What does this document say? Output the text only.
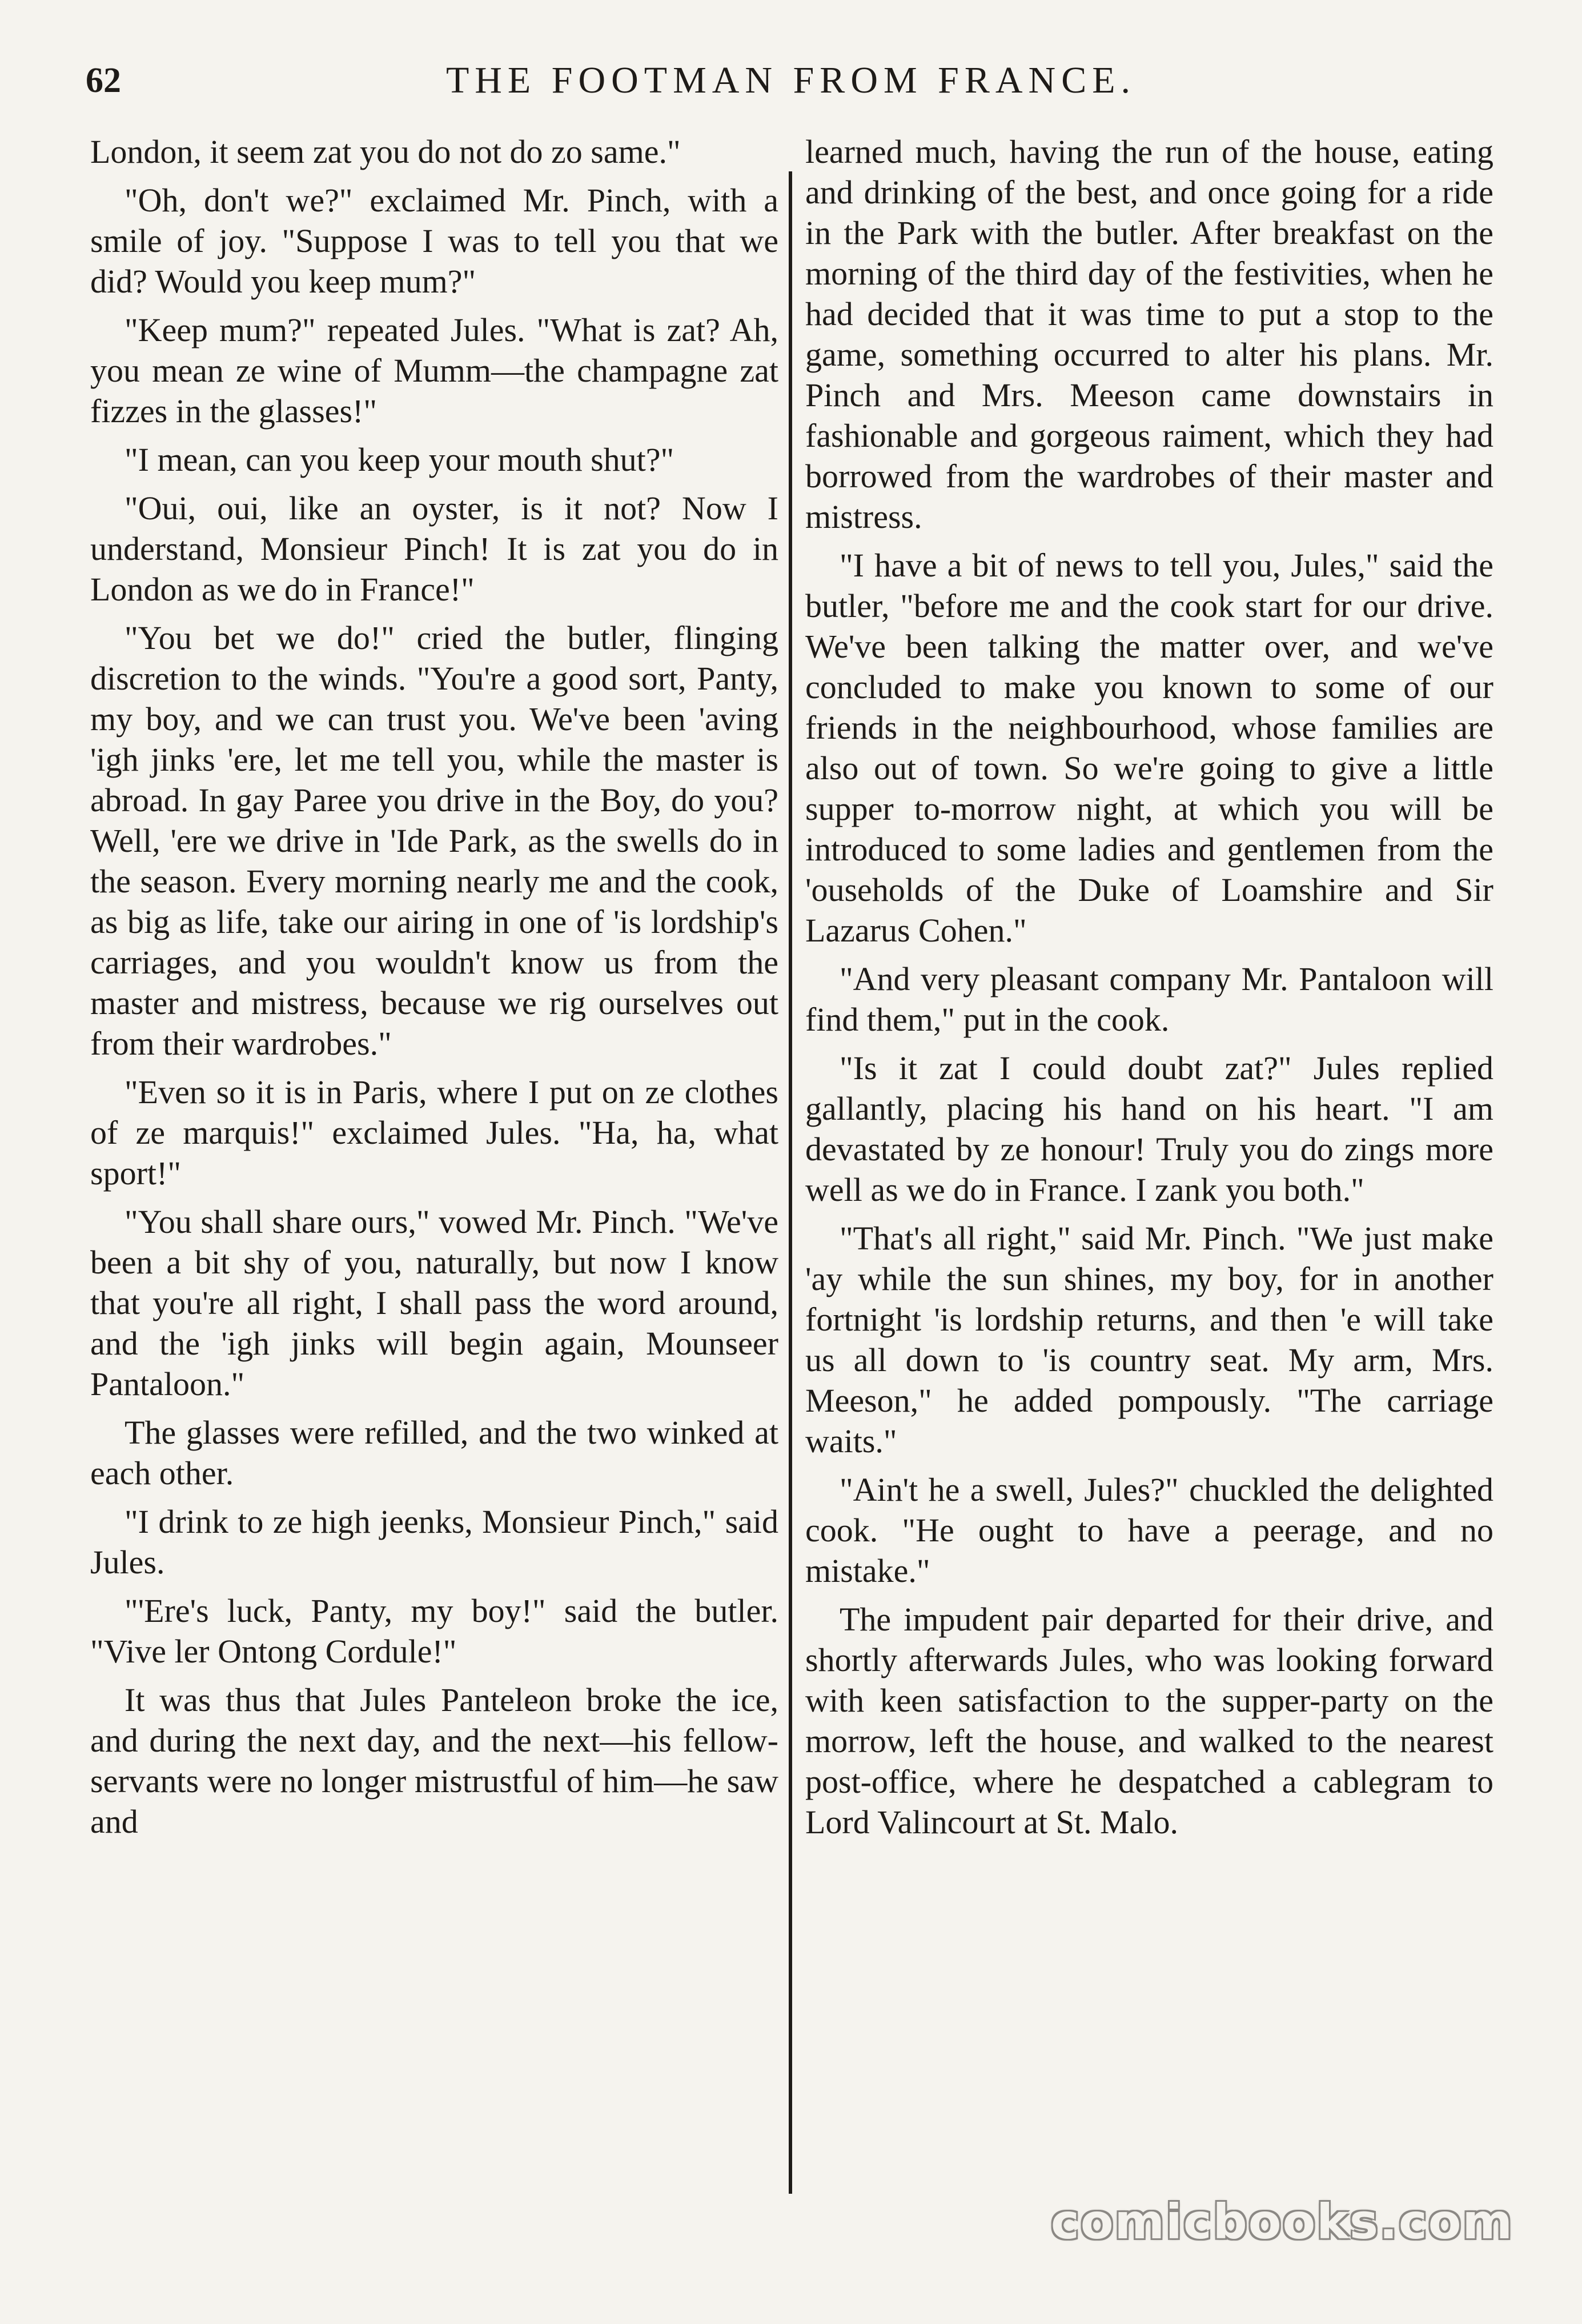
62	THE FOOTMAN FROM FRANCE.

London, it seem zat you do not do zo same."

"Oh, don't we?" exclaimed Mr. Pinch, with a smile of joy. "Suppose I was to tell you that we did? Would you keep mum?"

"Keep mum?" repeated Jules. "What is zat? Ah, you mean ze wine of Mumm—the champagne zat fizzes in the glasses!"

"I mean, can you keep your mouth shut?"

"Oui, oui, like an oyster, is it not? Now I understand, Monsieur Pinch! It is zat you do in London as we do in France!"

"You bet we do!" cried the butler, flinging discretion to the winds. "You're a good sort, Panty, my boy, and we can trust you. We've been 'aving 'igh jinks 'ere, let me tell you, while the master is abroad. In gay Paree you drive in the Boy, do you? Well, 'ere we drive in 'Ide Park, as the swells do in the season. Every morning nearly me and the cook, as big as life, take our airing in one of 'is lordship's carriages, and you wouldn't know us from the master and mistress, because we rig ourselves out from their wardrobes."

"Even so it is in Paris, where I put on ze clothes of ze marquis!" exclaimed Jules. "Ha, ha, what sport!"

"You shall share ours," vowed Mr. Pinch. "We've been a bit shy of you, naturally, but now I know that you're all right, I shall pass the word around, and the 'igh jinks will begin again, Mounseer Pantaloon."

The glasses were refilled, and the two winked at each other.

"I drink to ze high jeenks, Monsieur Pinch," said Jules.

"'Ere's luck, Panty, my boy!" said the butler. "Vive ler Ontong Cordule!"

It was thus that Jules Panteleon broke the ice, and during the next day, and the next—his fellow-servants were no longer mistrustful of him—he saw and

learned much, having the run of the house, eating and drinking of the best, and once going for a ride in the Park with the butler. After breakfast on the morning of the third day of the festivities, when he had decided that it was time to put a stop to the game, something occurred to alter his plans. Mr. Pinch and Mrs. Meeson came downstairs in fashionable and gorgeous raiment, which they had borrowed from the wardrobes of their master and mistress.

"I have a bit of news to tell you, Jules," said the butler, "before me and the cook start for our drive. We've been talking the matter over, and we've concluded to make you known to some of our friends in the neighbourhood, whose families are also out of town. So we're going to give a little supper to-morrow night, at which you will be introduced to some ladies and gentlemen from the 'ouseholds of the Duke of Loamshire and Sir Lazarus Cohen."

"And very pleasant company Mr. Pantaloon will find them," put in the cook.

"Is it zat I could doubt zat?" Jules replied gallantly, placing his hand on his heart. "I am devastated by ze honour! Truly you do zings more well as we do in France. I zank you both."

"That's all right," said Mr. Pinch. "We just make 'ay while the sun shines, my boy, for in another fortnight 'is lordship returns, and then 'e will take us all down to 'is country seat. My arm, Mrs. Meeson," he added pompously. "The carriage waits."

"Ain't he a swell, Jules?" chuckled the delighted cook. "He ought to have a peerage, and no mistake."

The impudent pair departed for their drive, and shortly afterwards Jules, who was looking forward with keen satisfaction to the supper-party on the morrow, left the house, and walked to the nearest post-office, where he despatched a cablegram to Lord Valincourt at St. Malo.

comicbooks.com
